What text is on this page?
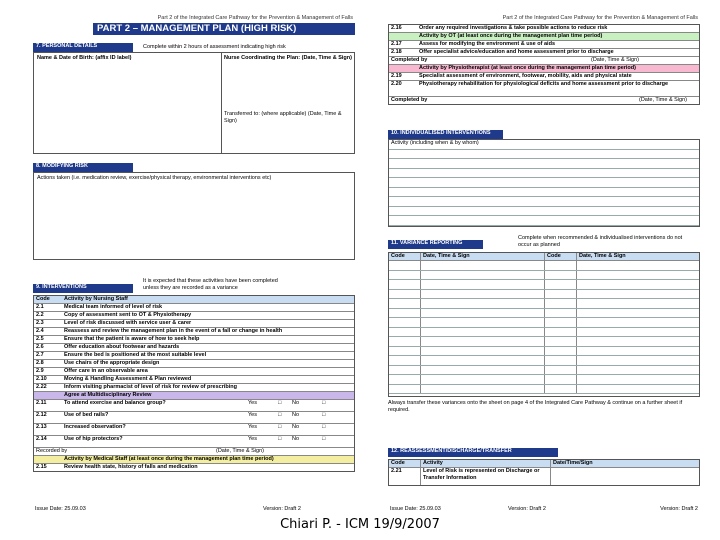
Part 2 of the Integrated Care Pathway for the Prevention & Management of Falls
PART 2 – MANAGEMENT PLAN (HIGH RISK)
7. PERSONAL DETAILS	Complete within 2 hours of assessment indicating high risk
Name & Date of Birth: (affix ID label)	Nurse Coordinating the Plan: (Date, Time & Sign)
Transferred to: (where applicable) (Date, Time & Sign)
8. MODIFYING RISK
Actions taken (i.e. medication review, exercise/physical therapy, environmental interventions etc)
9. INTERVENTIONS
It is expected that these activities have been completed unless they are recorded as a variance
Code	Activity by Nursing Staff
2.1	Medical team informed of level of risk
2.2	Copy of assessment sent to OT & Physiotherapy
2.3	Level of risk discussed with service user & carer
2.4	Reassess and review the management plan in the event of a fall or change in health
2.5	Ensure that the patient is aware of how to seek help
2.6	Offer education about footwear and hazards
2.7	Ensure the bed is positioned at the most suitable level
2.8	Use chairs of the appropriate design
2.9	Offer care in an observable area
2.10	Moving & Handling Assessment & Plan reviewed
2.22	Inform visiting pharmacist of level of risk for review of prescribing
Agree at Multidisciplinary Review
2.11	To attend exercise and balance group?	Yes	□	No	□
2.12	Use of bed rails?	Yes	□	No	□
2.13	Increased observation?	Yes	□	No	□
2.14	Use of hip protectors?	Yes	□	No	□
Recorded by	(Date, Time & Sign)
Activity by Medical Staff (at least once during the management plan time period)
2.15	Review health state, history of falls and medication
Issue Date: 25.09.03	Version: Draft 2
Part 2 of the Integrated Care Pathway for the Prevention & Management of Falls
2.16	Order any required investigations & take possible actions to reduce risk
Activity by OT (at least once during the management plan time period)
2.17	Assess for modifying the environment & use of aids
2.18	Offer specialist advice/education and home assessment prior to discharge
Completed by	(Date, Time & Sign)
Activity by Physiotherapist (at least once during the management plan time period)
2.19	Specialist assessment of environment, footwear, mobility, aids and physical state
2.20	Physiotherapy rehabilitation for physiological deficits and home assessment prior to discharge
Completed by	(Date, Time & Sign)
10. INDIVIDUALISED INTERVENTIONS
Activity (including when & by whom)
11. VARIANCE REPORTING
Complete when recommended & individualised interventions do not occur as planned
Code	Date, Time & Sign	Code	Date, Time & Sign
Always transfer these variances onto the sheet on page 4 of the Integrated Care Pathway & continue on a further sheet if required.
12. REASSESSMENT/DISCHARGE/TRANSFER
Code	Activity	Date/Time/Sign
2.21	Level of Risk is represented on Discharge or Transfer Information
Issue Date: 25.09.03	Version: Draft 2	Version: Draft 2
Chiari P. - ICM 19/9/2007
